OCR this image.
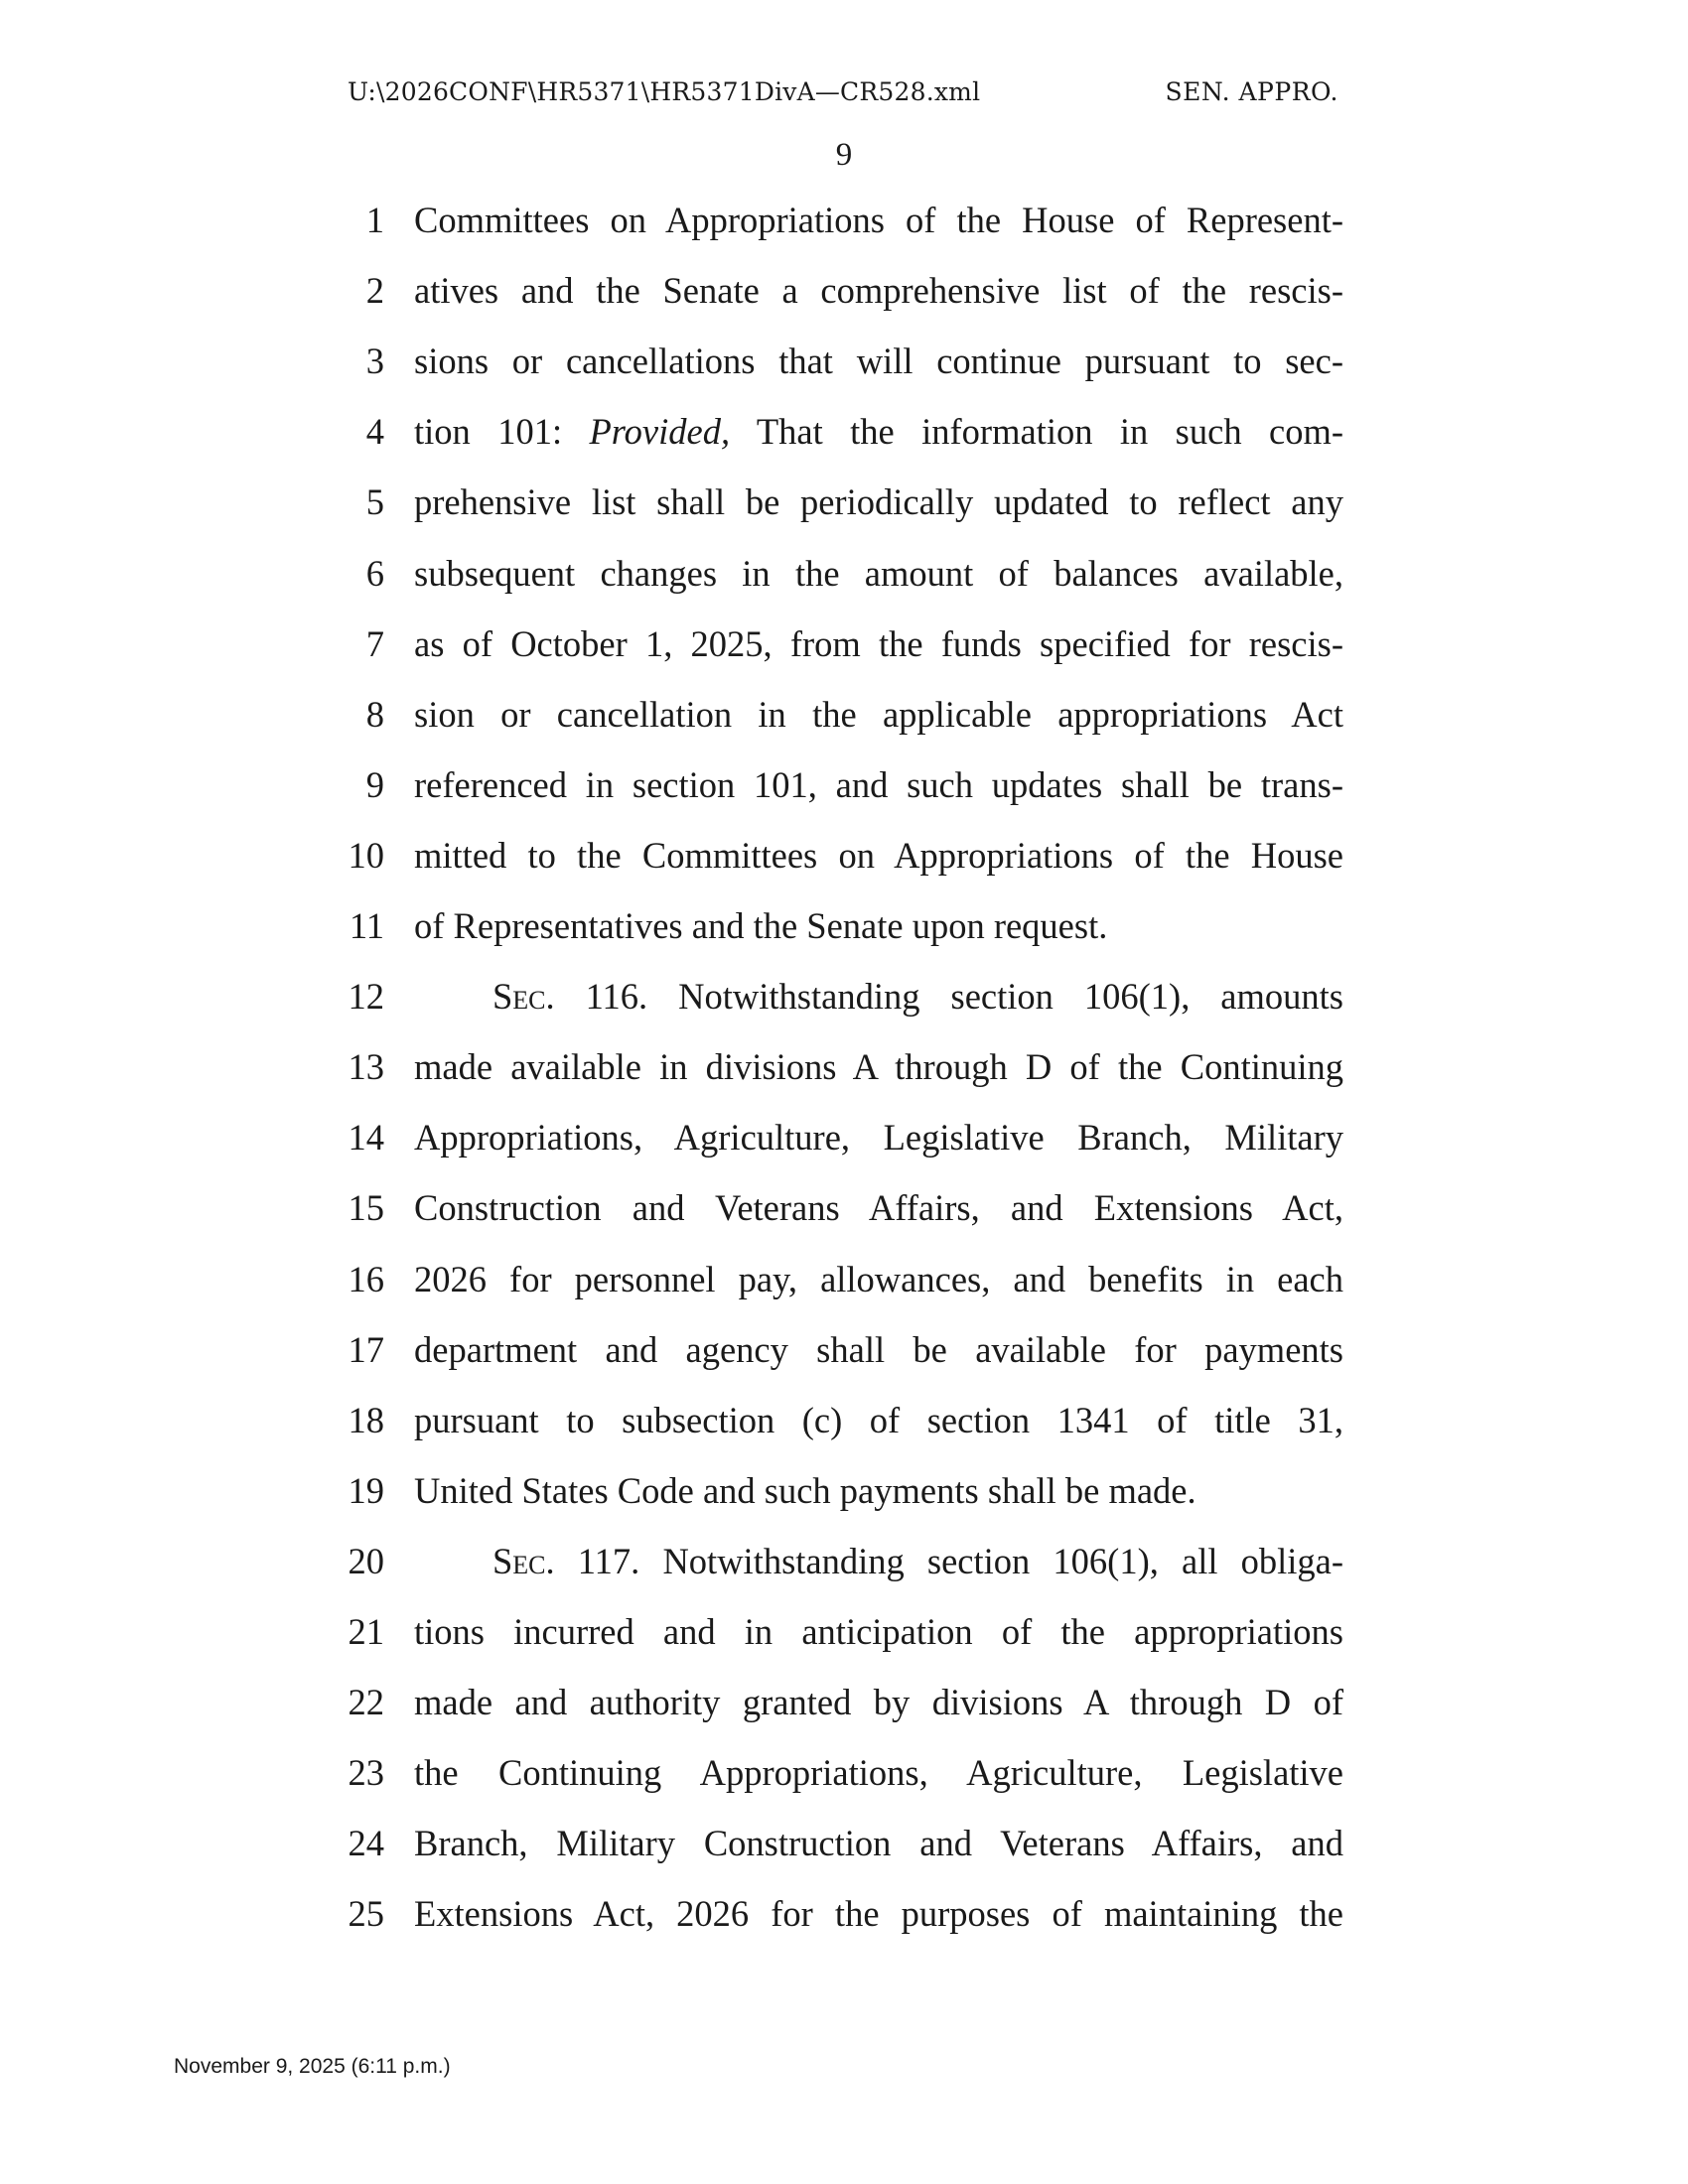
U:\2026CONF\HR5371\HR5371DivA—CR528.xml	SEN. APPRO.
9
1 Committees on Appropriations of the House of Represent-
2 atives and the Senate a comprehensive list of the rescis-
3 sions or cancellations that will continue pursuant to sec-
4 tion 101: Provided, That the information in such com-
5 prehensive list shall be periodically updated to reflect any
6 subsequent changes in the amount of balances available,
7 as of October 1, 2025, from the funds specified for rescis-
8 sion or cancellation in the applicable appropriations Act
9 referenced in section 101, and such updates shall be trans-
10 mitted to the Committees on Appropriations of the House
11 of Representatives and the Senate upon request.
12	Sec. 116. Notwithstanding section 106(1), amounts
13 made available in divisions A through D of the Continuing
14 Appropriations, Agriculture, Legislative Branch, Military
15 Construction and Veterans Affairs, and Extensions Act,
16 2026 for personnel pay, allowances, and benefits in each
17 department and agency shall be available for payments
18 pursuant to subsection (c) of section 1341 of title 31,
19 United States Code and such payments shall be made.
20	Sec. 117. Notwithstanding section 106(1), all obliga-
21 tions incurred and in anticipation of the appropriations
22 made and authority granted by divisions A through D of
23 the Continuing Appropriations, Agriculture, Legislative
24 Branch, Military Construction and Veterans Affairs, and
25 Extensions Act, 2026 for the purposes of maintaining the
November 9, 2025 (6:11 p.m.)
